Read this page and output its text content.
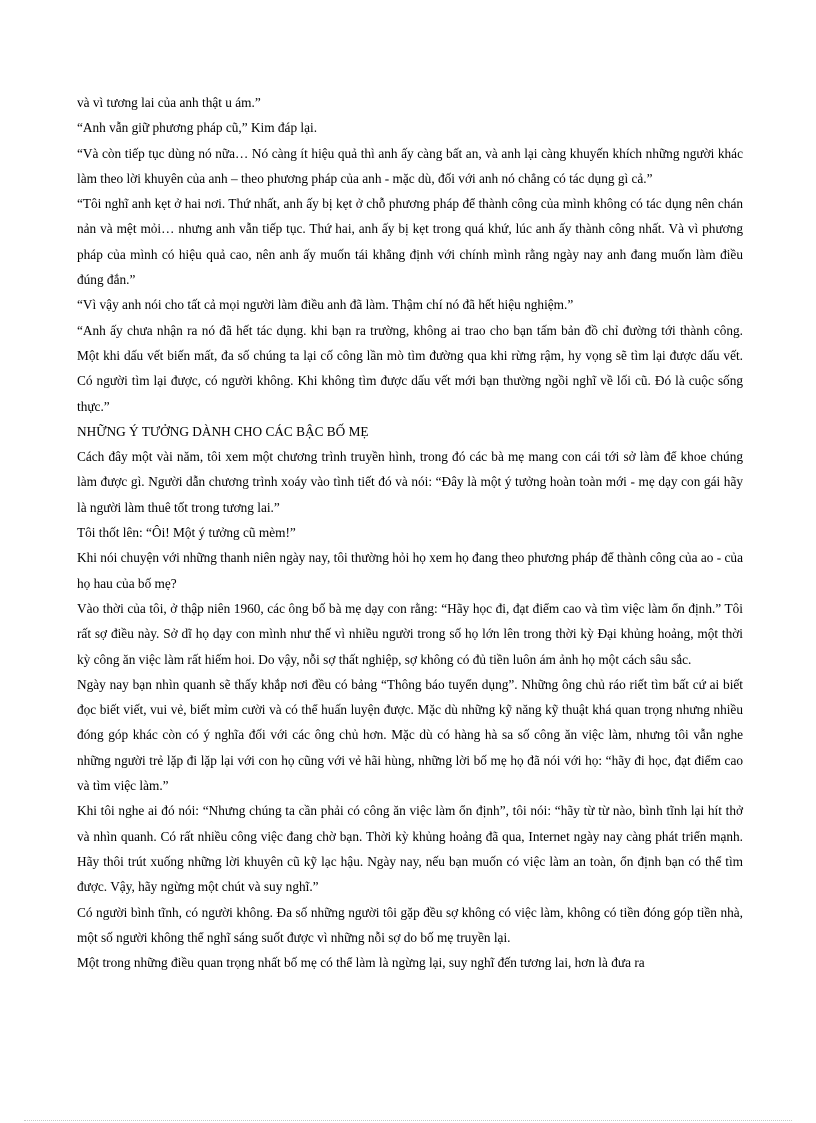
và vì tương lai của anh thật u ám.”

“Anh vẫn giữ phương pháp cũ,” Kim đáp lại.

“Và còn tiếp tục dùng nó nữa… Nó càng ít hiệu quả thì anh ấy càng bất an, và anh lại càng khuyến khích những người khác làm theo lời khuyên của anh – theo phương pháp của anh - mặc dù, đối với anh nó chẳng có tác dụng gì cả.”

“Tôi nghĩ anh kẹt ở hai nơi. Thứ nhất, anh ấy bị kẹt ở chỗ phương pháp để thành công của mình không có tác dụng nên chán nản và mệt mỏi… nhưng anh vẫn tiếp tục. Thứ hai, anh ấy bị kẹt trong quá khứ, lúc anh ấy thành công nhất. Và vì phương pháp của mình có hiệu quả cao, nên anh ấy muốn tái khẳng định với chính mình rằng ngày nay anh đang muốn làm điều đúng đắn.”

“Vì vậy anh nói cho tất cả mọi người làm điều anh đã làm. Thậm chí nó đã hết hiệu nghiệm.”

“Anh ấy chưa nhận ra nó đã hết tác dụng. khi bạn ra trường, không ai trao cho bạn tấm bản đồ chỉ đường tới thành công. Một khi dấu vết biến mất, đa số chúng ta lại cố công lần mò tìm đường qua khi rừng rậm, hy vọng sẽ tìm lại được dấu vết. Có người tìm lại được, có người không. Khi không tìm được dấu vết mới bạn thường ngồi nghĩ về lối cũ. Đó là cuộc sống thực.”

NHỮNG Ý TƯỞNG DÀNH CHO CÁC BẬC BỐ MẸ

Cách đây một vài năm, tôi xem một chương trình truyền hình, trong đó các bà mẹ mang con cái tới sở làm để khoe chúng làm được gì. Người dẫn chương trình xoáy vào tình tiết đó và nói: “Đây là một ý tưởng hoàn toàn mới - mẹ dạy con gái hãy là người làm thuê tốt trong tương lai.”

Tôi thốt lên: “Ôi! Một ý tưởng cũ mèm!”

Khi nói chuyện với những thanh niên ngày nay, tôi thường hỏi họ xem họ đang theo phương pháp để thành công của ao - của họ hau của bố mẹ?

Vào thời của tôi, ở thập niên 1960, các ông bố bà mẹ dạy con rằng: “Hãy học đi, đạt điểm cao và tìm việc làm ổn định.” Tôi rất sợ điều này. Sở dĩ họ dạy con mình như thế vì nhiều người trong số họ lớn lên trong thời kỳ Đại khủng hoảng, một thời kỳ công ăn việc làm rất hiếm hoi. Do vậy, nỗi sợ thất nghiệp, sợ không có đủ tiền luôn ám ảnh họ một cách sâu sắc.

Ngày nay bạn nhìn quanh sẽ thấy khắp nơi đều có bảng “Thông báo tuyển dụng”. Những ông chủ ráo riết tìm bất cứ ai biết đọc biết viết, vui vẻ, biết mỉm cười và có thể huấn luyện được. Mặc dù những kỹ năng kỹ thuật khá quan trọng nhưng nhiều đóng góp khác còn có ý nghĩa đối với các ông chủ hơn. Mặc dù có hàng hà sa số công ăn việc làm, nhưng tôi vẫn nghe những người trẻ lặp đi lặp lại với con họ cũng với vẻ hãi hùng, những lời bố mẹ họ đã nói với họ: “hãy đi học, đạt điểm cao và tìm việc làm.”

Khi tôi nghe ai đó nói: “Nhưng chúng ta cần phải có công ăn việc làm ổn định”, tôi nói: “hãy từ từ nào, bình tĩnh lại hít thở và nhìn quanh. Có rất nhiều công việc đang chờ bạn. Thời kỳ khủng hoảng đã qua, Internet ngày nay càng phát triển mạnh. Hãy thôi trút xuống những lời khuyên cũ kỹ lạc hậu. Ngày nay, nếu bạn muốn có việc làm an toàn, ổn định bạn có thể tìm được. Vậy, hãy ngừng một chút và suy nghĩ.”

Có người bình tĩnh, có người không. Đa số những người tôi gặp đều sợ không có việc làm, không có tiền đóng góp tiền nhà, một số người không thể nghĩ sáng suốt được vì những nỗi sợ do bố mẹ truyền lại.

Một trong những điều quan trọng nhất bố mẹ có thể làm là ngừng lại, suy nghĩ đến tương lai, hơn là đưa ra
